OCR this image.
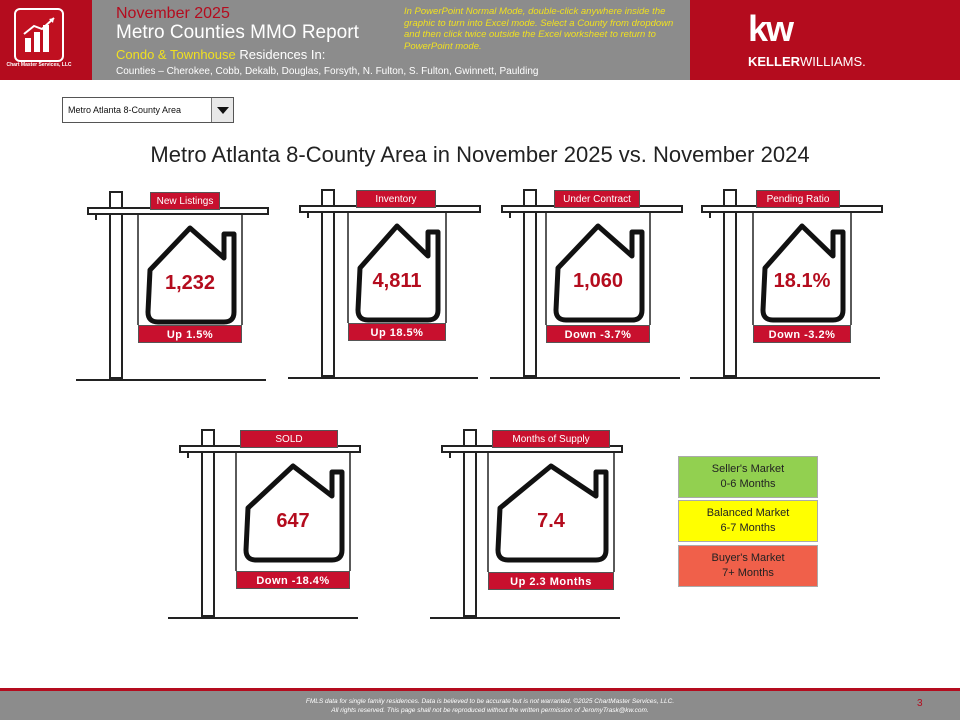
Chart Master Services, LLC
November 2025
Metro Counties MMO Report
Condo & Townhouse Residences In:
Counties – Cherokee, Cobb, Dekalb, Douglas, Forsyth, N. Fulton, S. Fulton, Gwinnett, Paulding
In PowerPoint Normal Mode, double-click anywhere inside the graphic to turn into Excel mode. Select a County from dropdown and then click twice outside the Excel worksheet to return to PowerPoint mode.	kw
KELLERWILLIAMS.
Metro Atlanta 8-County Area
Metro Atlanta 8-County Area in November 2025 vs. November 2024
New Listings
1,232
Up 1.5%
Inventory
4,811
Up 18.5%
Under Contract
1,060
Down -3.7%
Pending Ratio
18.1%
Down -3.2%
SOLD
647
Down -18.4%
Months of Supply
7.4
Up 2.3 Months
Seller's Market
0-6 Months
Balanced Market
6-7 Months
Buyer's Market
7+ Months
FMLS data for single family residences. Data is believed to be accurate but is not warranted. ©2025 ChartMaster Services, LLC.
All rights reserved. This page shall not be reproduced without the written permission of JeromyTrask@kw.com.
3
